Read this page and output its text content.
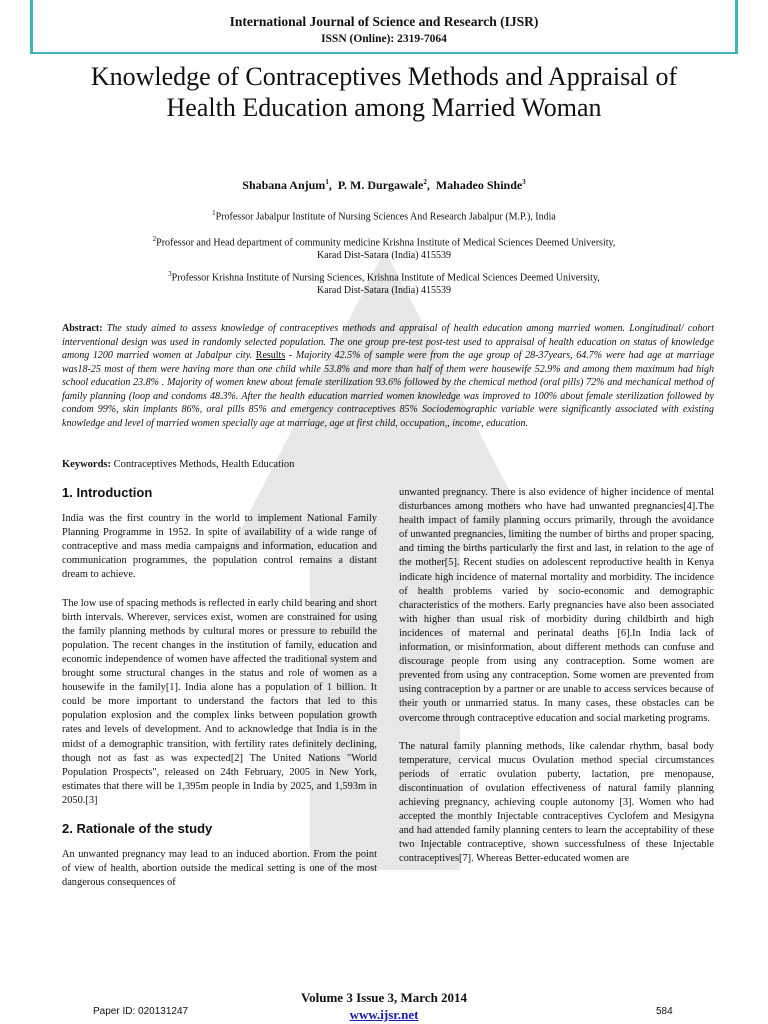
International Journal of Science and Research (IJSR)
ISSN (Online): 2319-7064
Knowledge of Contraceptives Methods and Appraisal of Health Education among Married Woman
Shabana Anjum$^1$,  P. M. Durgawale$^2$,  Mahadeo Shinde$^3$
$^1$Professor Jabalpur Institute of Nursing Sciences And Research Jabalpur (M.P.), India
$^2$Professor and Head department of community medicine Krishna Institute of Medical Sciences Deemed University,
Karad Dist-Satara (India) 415539
$^3$Professor Krishna Institute of Nursing Sciences, Krishna Institute of Medical Sciences Deemed University,
Karad Dist-Satara (India) 415539
Abstract: The study aimed to assess knowledge of contraceptives methods and appraisal of health education among married women. Longitudinal/ cohort interventional design was used in randomly selected population. The one group pre-test post-test used to appraisal of health education on status of knowledge among 1200 married women at Jabalpur city. Results - Majority 42.5% of sample were from the age group of 28-37years, 64.7% were had age at marriage was18-25 most of them were having more than one child while 53.8% and more than half of them were housewife 52.9% and among them maximum had high school education 23.8% . Majority of women knew about female sterilization 93.6% followed by the chemical method (oral pills) 72% and mechanical method of family planning (loop and condoms 48.3%. After the health education married women knowledge was improved to 100% about female sterilization followed by condom 99%, skin implants 86%, oral pills 85% and emergency contraceptives 85% Sociodemographic variable were significantly associated with existing knowledge and level of married women specially age at marriage, age at first child, occupation,, income, education.
Keywords: Contraceptives Methods, Health Education
1. Introduction

India was the first country in the world to implement National Family Planning Programme in 1952. In spite of availability of a wide range of contraceptive and mass media campaigns and information, education and communication programmes, the population control remains a distant dream to achieve.

The low use of spacing methods is reflected in early child bearing and short birth intervals. Wherever, services exist, women are constrained for using the family planning methods by cultural mores or pressure to rebuild the population. The recent changes in the institution of family, education and economic independence of women have affected the traditional system and brought some structural changes in the status and role of women as a housewife in the family[1]. India alone has a population of 1 billion. It could be more important to understand the factors that led to this population explosion and the complex links between population growth rates and levels of development. And to acknowledge that India is in the midst of a demographic transition, with fertility rates definitely declining, though not as fast as was expected[2] The United Nations "World Population Prospects", released on 24th February, 2005 in New York, estimates that there will be 1,395m people in India by 2025, and 1,593m in 2050.[3]

2. Rationale of the study

An unwanted pregnancy may lead to an induced abortion. From the point of view of health, abortion outside the medical setting is one of the most dangerous consequences of

unwanted pregnancy. There is also evidence of higher incidence of mental disturbances among mothers who have had unwanted pregnancies[4].The health impact of family planning occurs primarily, through the avoidance of unwanted pregnancies, limiting the number of births and proper spacing, and timing the births particularly the first and last, in relation to the age of the mother[5]. Recent studies on adolescent reproductive health in Kenya indicate high incidence of maternal mortality and morbidity. The incidence of health problems varied by socio-economic and demographic characteristics of the mothers. Early pregnancies have also been associated with higher than usual risk of morbidity during childbirth and high incidences of maternal and perinatal deaths [6].In India lack of information, or misinformation, about different methods can confuse and discourage people from using any contraception. Some women are prevented from using any contraception. Some women are prevented from using contraception by a partner or are unable to access services because of their youth or unmarried status. In many cases, these obstacles can be overcome through contraceptive education and social marketing programs.

The natural family planning methods, like calendar rhythm, basal body temperature, cervical mucus Ovulation method special circumstances periods of erratic ovulation puberty, lactation, pre menopause, discontinuation of ovulation effectiveness of natural family planning achieving pregnancy, achieving couple autonomy [3]. Women who had accepted the monthly Injectable contraceptives Cyclofem and Mesigyna and had attended family planning centers to learn the acceptability of these two Injectable contraceptive, shown successfulness of these Injectable contraceptives[7]. Whereas Better-educated women are

Volume 3 Issue 3, March 2014
www.ijsr.net
Paper ID: 020131247	584
